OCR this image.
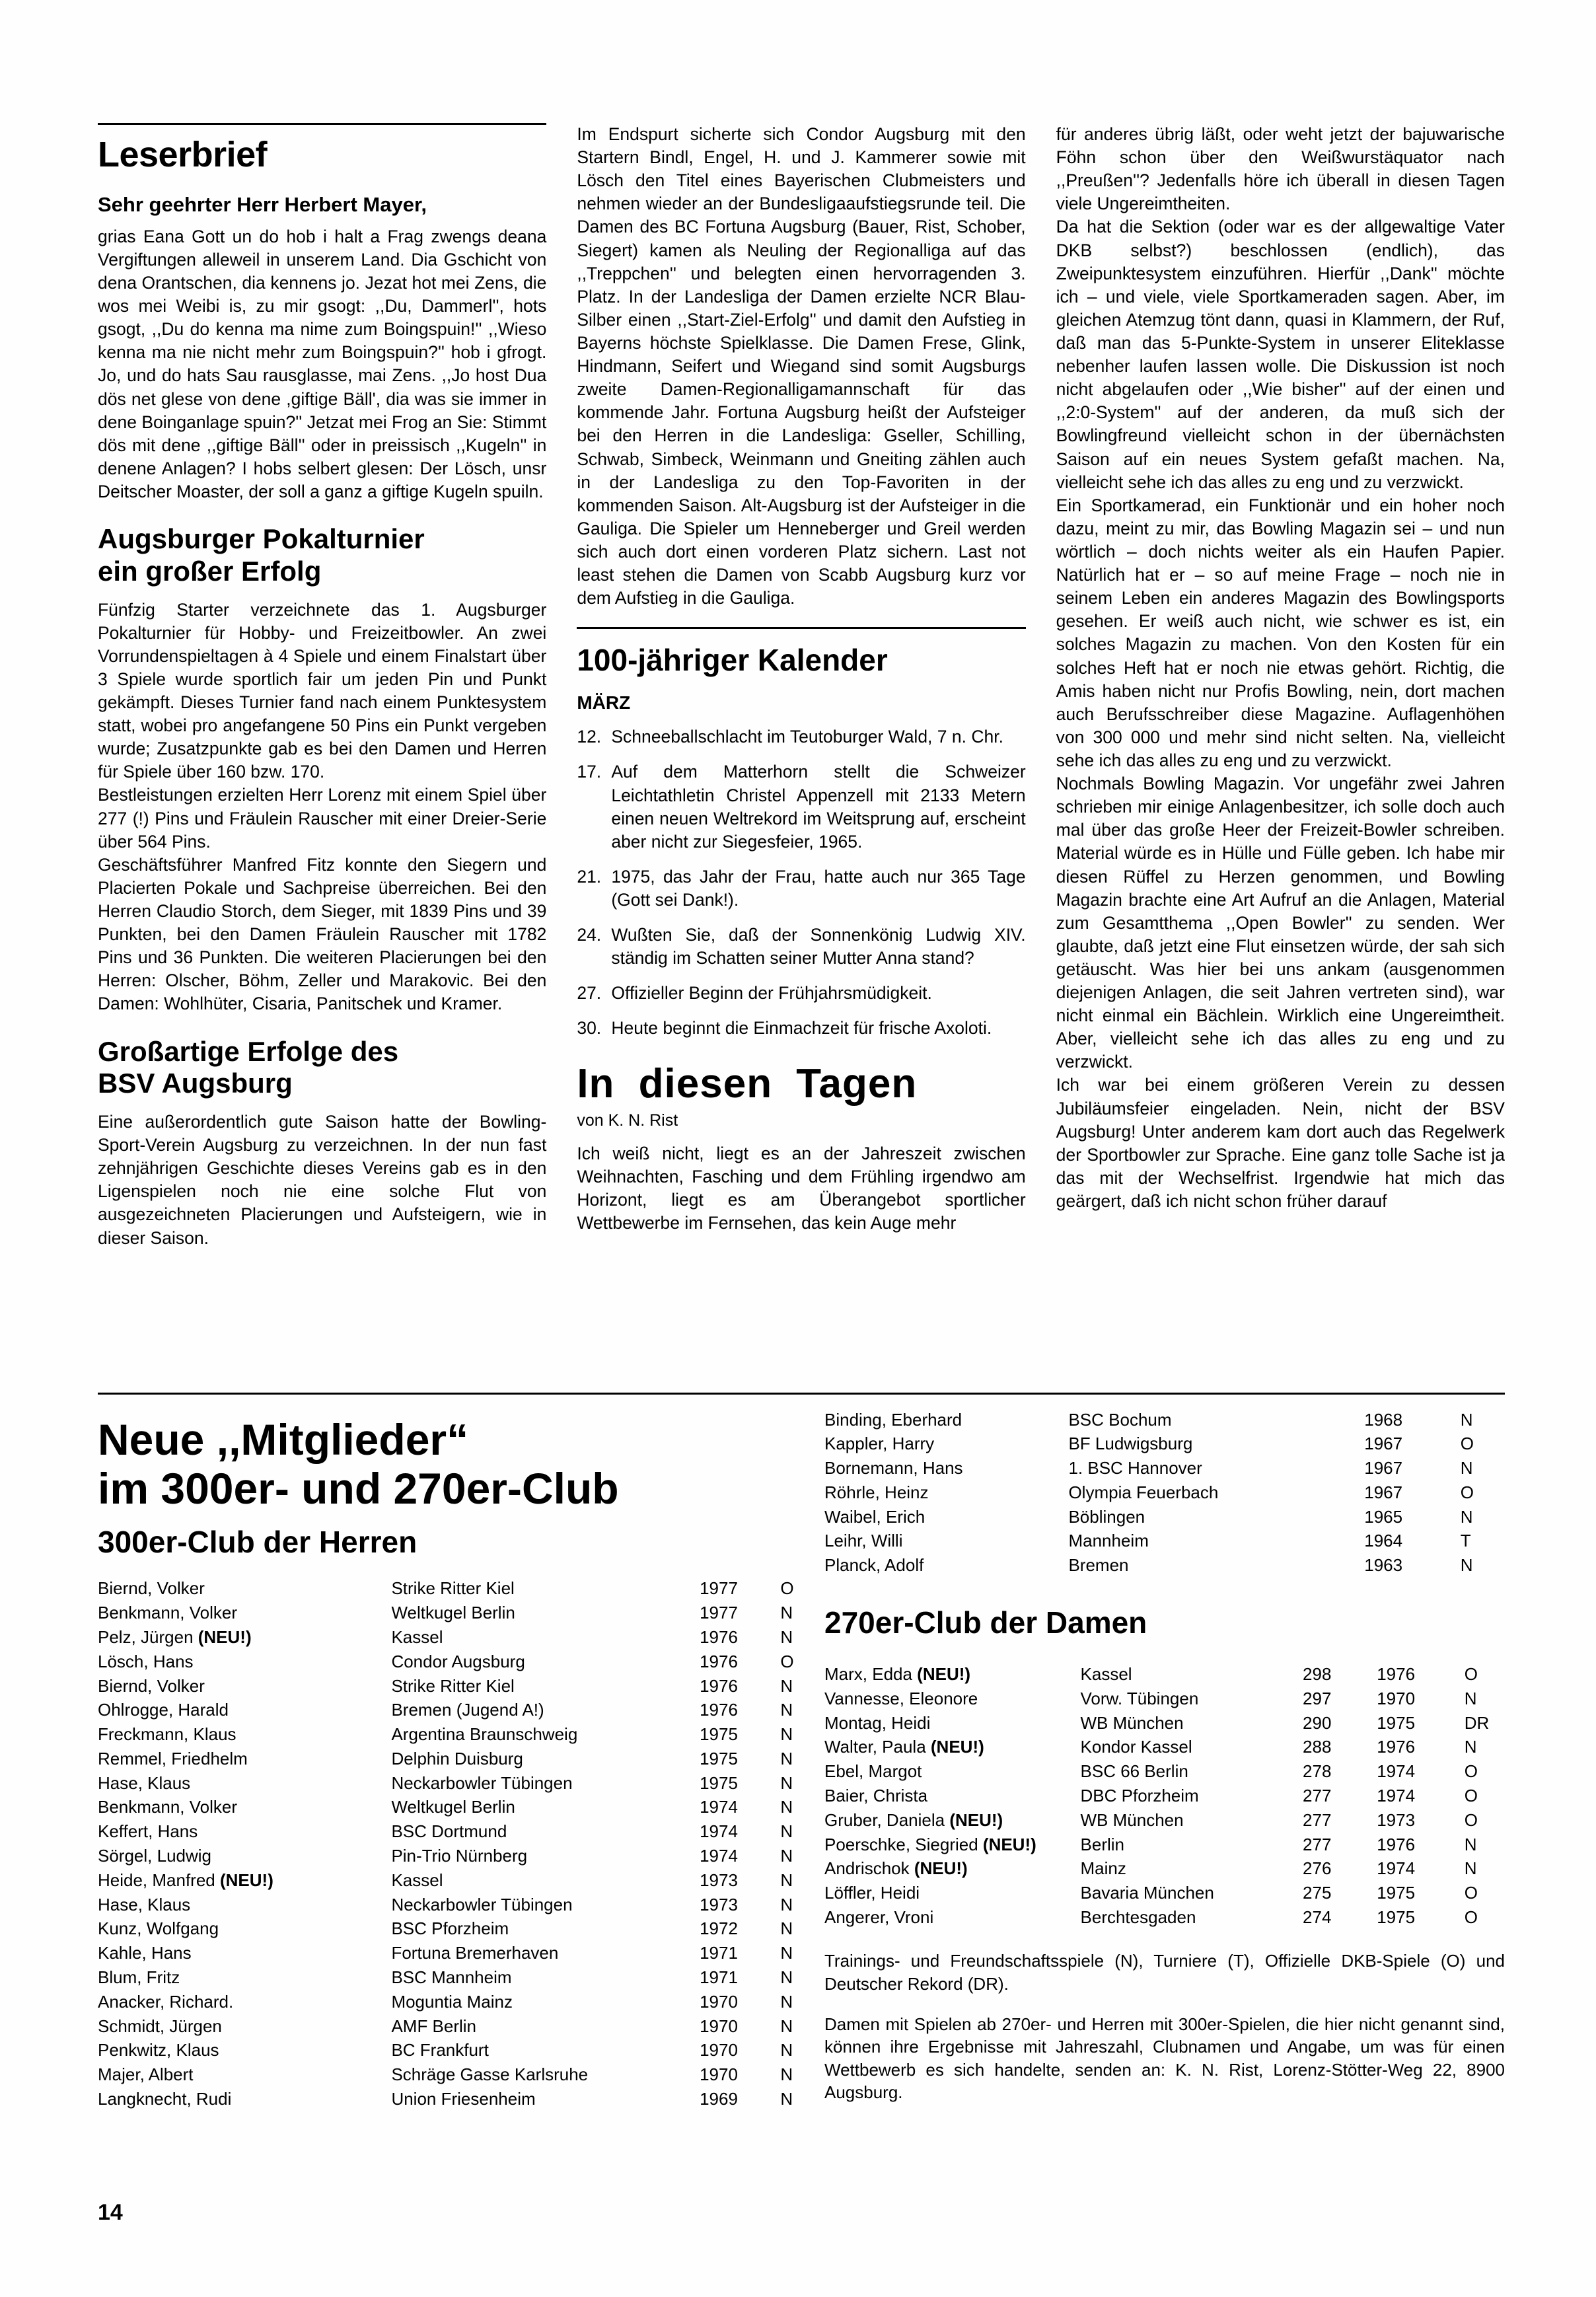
Leserbrief
Sehr geehrter Herr Herbert Mayer,

grias Eana Gott un do hob i halt a Frag zwengs deana Vergiftungen alleweil in unserem Land. Dia Gschicht von dena Orantschen, dia kennens jo. Jezat hot mei Zens, die wos mei Weibi is, zu mir gsogt: ,,Du, Dammerl'', hots gsogt, ,,Du do kenna ma nime zum Boingspuin!'' ,,Wieso kenna ma nie nicht mehr zum Boingspuin?'' hob i gfrogt. Jo, und do hats Sau rausglasse, mai Zens. ,,Jo host Dua dös net glese von dene ,giftige Bäll', dia was sie immer in dene Boinganlage spuin?'' Jetzat mei Frog an Sie: Stimmt dös mit dene ,,giftige Bäll'' oder in preissisch ,,Kugeln'' in denene Anlagen? I hobs selbert glesen: Der Lösch, unsr Deitscher Moaster, der soll a ganz a giftige Kugeln spuiln.

Augsburger Pokalturnier
ein großer Erfolg

Fünfzig Starter verzeichnete das 1. Augsburger Pokalturnier für Hobby- und Freizeitbowler. An zwei Vorrundenspieltagen à 4 Spiele und einem Finalstart über 3 Spiele wurde sportlich fair um jeden Pin und Punkt gekämpft. Dieses Turnier fand nach einem Punktesystem statt, wobei pro angefangene 50 Pins ein Punkt vergeben wurde; Zusatzpunkte gab es bei den Damen und Herren für Spiele über 160 bzw. 170.

Bestleistungen erzielten Herr Lorenz mit einem Spiel über 277 (!) Pins und Fräulein Rauscher mit einer Dreier-Serie über 564 Pins.

Geschäftsführer Manfred Fitz konnte den Siegern und Placierten Pokale und Sachpreise überreichen. Bei den Herren Claudio Storch, dem Sieger, mit 1839 Pins und 39 Punkten, bei den Damen Fräulein Rauscher mit 1782 Pins und 36 Punkten. Die weiteren Placierungen bei den Herren: Olscher, Böhm, Zeller und Marakovic. Bei den Damen: Wohlhüter, Cisaria, Panitschek und Kramer.

Großartige Erfolge des
BSV Augsburg

Eine außerordentlich gute Saison hatte der Bowling-Sport-Verein Augsburg zu verzeichnen. In der nun fast zehnjährigen Geschichte dieses Vereins gab es in den Ligenspielen noch nie eine solche Flut von ausgezeichneten Placierungen und Aufsteigern, wie in dieser Saison.

Im Endspurt sicherte sich Condor Augsburg mit den Startern Bindl, Engel, H. und J. Kammerer sowie mit Lösch den Titel eines Bayerischen Clubmeisters und nehmen wieder an der Bundesligaaufstiegsrunde teil. Die Damen des BC Fortuna Augsburg (Bauer, Rist, Schober, Siegert) kamen als Neuling der Regionalliga auf das ,,Treppchen'' und belegten einen hervorragenden 3. Platz. In der Landesliga der Damen erzielte NCR Blau-Silber einen ,,Start-Ziel-Erfolg'' und damit den Aufstieg in Bayerns höchste Spielklasse. Die Damen Frese, Glink, Hindmann, Seifert und Wiegand sind somit Augsburgs zweite Damen-Regionalligamannschaft für das kommende Jahr. Fortuna Augsburg heißt der Aufsteiger bei den Herren in die Landesliga: Gseller, Schilling, Schwab, Simbeck, Weinmann und Gneiting zählen auch in der Landesliga zu den Top-Favoriten in der kommenden Saison. Alt-Augsburg ist der Aufsteiger in die Gauliga. Die Spieler um Henneberger und Greil werden sich auch dort einen vorderen Platz sichern. Last not least stehen die Damen von Scabb Augsburg kurz vor dem Aufstieg in die Gauliga.

100-jähriger Kalender
MÄRZ
12. Schneeballschlacht im Teutoburger Wald, 7 n. Chr.
17. Auf dem Matterhorn stellt die Schweizer Leichtathletin Christel Appenzell mit 2133 Metern einen neuen Weltrekord im Weitsprung auf, erscheint aber nicht zur Siegesfeier, 1965.
21. 1975, das Jahr der Frau, hatte auch nur 365 Tage (Gott sei Dank!).
24. Wußten Sie, daß der Sonnenkönig Ludwig XIV. ständig im Schatten seiner Mutter Anna stand?
27. Offizieller Beginn der Frühjahrsmüdigkeit.
30. Heute beginnt die Einmachzeit für frische Axoloti.
In diesen Tagen

von K. N. Rist

Ich weiß nicht, liegt es an der Jahreszeit zwischen Weihnachten, Fasching und dem Frühling irgendwo am Horizont, liegt es am Überangebot sportlicher Wettbewerbe im Fernsehen, das kein Auge mehr

für anderes übrig läßt, oder weht jetzt der bajuwarische Föhn schon über den Weißwurstäquator nach ,,Preußen''? Jedenfalls höre ich überall in diesen Tagen viele Ungereimtheiten.

Da hat die Sektion (oder war es der allgewaltige Vater DKB selbst?) beschlossen (endlich), das Zweipunktesystem einzuführen. Hierfür ,,Dank'' möchte ich – und viele, viele Sportkameraden sagen. Aber, im gleichen Atemzug tönt dann, quasi in Klammern, der Ruf, daß man das 5-Punkte-System in unserer Eliteklasse nebenher laufen lassen wolle. Die Diskussion ist noch nicht abgelaufen oder ,,Wie bisher'' auf der einen und ,,2:0-System'' auf der anderen, da muß sich der Bowlingfreund vielleicht schon in der übernächsten Saison auf ein neues System gefaßt machen. Na, vielleicht sehe ich das alles zu eng und zu verzwickt.

Ein Sportkamerad, ein Funktionär und ein hoher noch dazu, meint zu mir, das Bowling Magazin sei – und nun wörtlich – doch nichts weiter als ein Haufen Papier. Natürlich hat er – so auf meine Frage – noch nie in seinem Leben ein anderes Magazin des Bowlingsports gesehen. Er weiß auch nicht, wie schwer es ist, ein solches Magazin zu machen. Von den Kosten für ein solches Heft hat er noch nie etwas gehört. Richtig, die Amis haben nicht nur Profis Bowling, nein, dort machen auch Berufsschreiber diese Magazine. Auflagenhöhen von 300 000 und mehr sind nicht selten. Na, vielleicht sehe ich das alles zu eng und zu verzwickt.

Nochmals Bowling Magazin. Vor ungefähr zwei Jahren schrieben mir einige Anlagenbesitzer, ich solle doch auch mal über das große Heer der Freizeit-Bowler schreiben. Material würde es in Hülle und Fülle geben. Ich habe mir diesen Rüffel zu Herzen genommen, und Bowling Magazin brachte eine Art Aufruf an die Anlagen, Material zum Gesamtthema ,,Open Bowler'' zu senden. Wer glaubte, daß jetzt eine Flut einsetzen würde, der sah sich getäuscht. Was hier bei uns ankam (ausgenommen diejenigen Anlagen, die seit Jahren vertreten sind), war nicht einmal ein Bächlein. Wirklich eine Ungereimtheit. Aber, vielleicht sehe ich das alles zu eng und zu verzwickt.

Ich war bei einem größeren Verein zu dessen Jubiläumsfeier eingeladen. Nein, nicht der BSV Augsburg! Unter anderem kam dort auch das Regelwerk der Sportbowler zur Sprache. Eine ganz tolle Sache ist ja das mit der Wechselfrist. Irgendwie hat mich das geärgert, daß ich nicht schon früher darauf

Neue ,,Mitglieder“
im 300er- und 270er-Club
300er-Club der Herren
Biernd, Volker	Strike Ritter Kiel	1977	O
Benkmann, Volker	Weltkugel Berlin	1977	N
Pelz, Jürgen (NEU!)	Kassel	1976	N
Lösch, Hans	Condor Augsburg	1976	O
Biernd, Volker	Strike Ritter Kiel	1976	N
Ohlrogge, Harald	Bremen (Jugend A!)	1976	N
Freckmann, Klaus	Argentina Braunschweig	1975	N
Remmel, Friedhelm	Delphin Duisburg	1975	N
Hase, Klaus	Neckarbowler Tübingen	1975	N
Benkmann, Volker	Weltkugel Berlin	1974	N
Keffert, Hans	BSC Dortmund	1974	N
Sörgel, Ludwig	Pin-Trio Nürnberg	1974	N
Heide, Manfred (NEU!)	Kassel	1973	N
Hase, Klaus	Neckarbowler Tübingen	1973	N
Kunz, Wolfgang	BSC Pforzheim	1972	N
Kahle, Hans	Fortuna Bremerhaven	1971	N
Blum, Fritz	BSC Mannheim	1971	N
Anacker, Richard.	Moguntia Mainz	1970	N
Schmidt, Jürgen	AMF Berlin	1970	N
Penkwitz, Klaus	BC Frankfurt	1970	N
Majer, Albert	Schräge Gasse Karlsruhe	1970	N
Langknecht, Rudi	Union Friesenheim	1969	N
Binding, Eberhard	BSC Bochum	1968	N
Kappler, Harry	BF Ludwigsburg	1967	O
Bornemann, Hans	1. BSC Hannover	1967	N
Röhrle, Heinz	Olympia Feuerbach	1967	O
Waibel, Erich	Böblingen	1965	N
Leihr, Willi	Mannheim	1964	T
Planck, Adolf	Bremen	1963	N
270er-Club der Damen
Marx, Edda (NEU!)	Kassel	298	1976	O
Vannesse, Eleonore	Vorw. Tübingen	297	1970	N
Montag, Heidi	WB München	290	1975	DR
Walter, Paula (NEU!)	Kondor Kassel	288	1976	N
Ebel, Margot	BSC 66 Berlin	278	1974	O
Baier, Christa	DBC Pforzheim	277	1974	O
Gruber, Daniela (NEU!)	WB München	277	1973	O
Poerschke, Siegried (NEU!)	Berlin	277	1976	N
Andrischok (NEU!)	Mainz	276	1974	N
Löffler, Heidi	Bavaria München	275	1975	O
Angerer, Vroni	Berchtesgaden	274	1975	O

Trainings- und Freundschaftsspiele (N), Turniere (T), Offizielle DKB-Spiele (O) und Deutscher Rekord (DR).

Damen mit Spielen ab 270er- und Herren mit 300er-Spielen, die hier nicht genannt sind, können ihre Ergebnisse mit Jahreszahl, Clubnamen und Angabe, um was für einen Wettbewerb es sich handelte, senden an: K. N. Rist, Lorenz-Stötter-Weg 22, 8900 Augsburg.

14
